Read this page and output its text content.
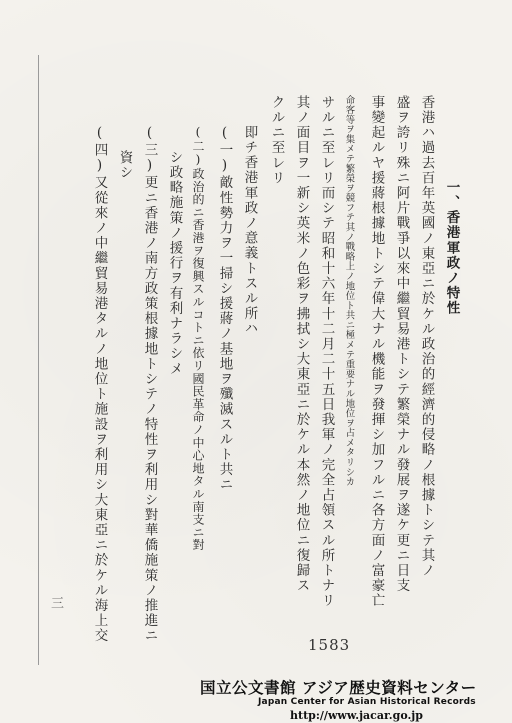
一、香港軍政ノ特性
香港ハ過去百年英國ノ東亞ニ於ケル政治的經濟的侵略ノ根據トシテ其ノ
盛ヲ誇リ殊ニ阿片戰爭以來中繼貿易港トシテ繁榮ナル發展ヲ遂ケ更ニ日支
事變起ルヤ援蔣根據地トシテ偉大ナル機能ヲ發揮シ加フルニ各方面ノ富豪亡
命客等ヲ集メテ繁榮ヲ競フテ其ノ戰略上ノ地位ト共ニ極メテ重要ナル地位ヲ占メタリシカ
サルニ至レリ而シテ昭和十六年十二月二十五日我軍ノ完全占領スル所トナリ
其ノ面目ヲ一新シ英米ノ色彩ヲ拂拭シ大東亞ニ於ケル本然ノ地位ニ復歸ス
クルニ至レリ
即チ香港軍政ノ意義トスル所ハ
(一)敵性勢力ヲ一掃シ援蔣ノ基地ヲ殲滅スルト共ニ
(二)政治的ニ香港ヲ復興スルコトニ依リ國民革命ノ中心地タル南支ニ對
シ政略施策ノ援行ヲ有利ナラシメ
(三)更ニ香港ノ南方政策根據地トシテノ特性ヲ利用シ對華僑施策ノ推進ニ
資シ
(四)又從來ノ中繼貿易港タルノ地位ト施設ヲ利用シ大東亞ニ於ケル海上交
三
1583
国立公文書館 アジア歴史資料センター
Japan Center for Asian Historical Records
http://www.jacar.go.jp
